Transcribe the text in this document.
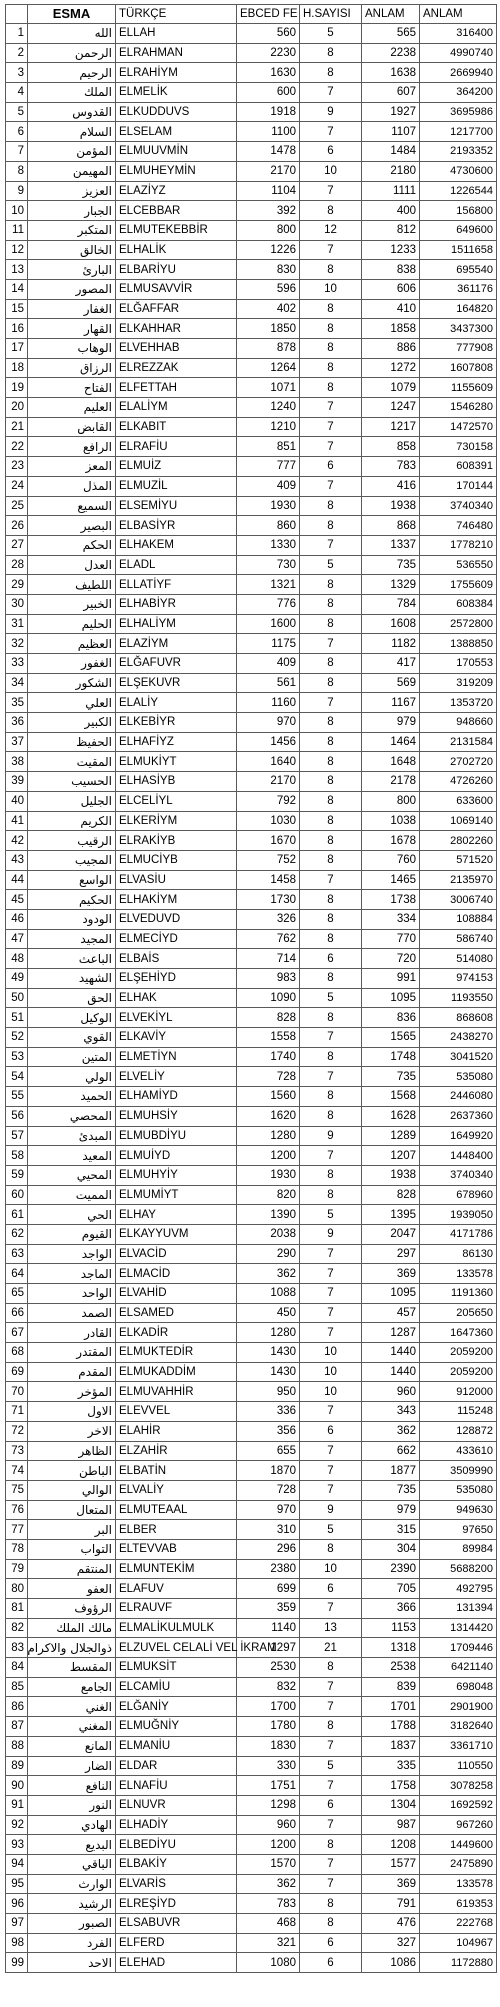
	ESMA	TÜRKÇE	EBCED FE	H.SAYISI	ANLAM	ANLAM
1	الله	ELLAH	560	5	565	316400
2	الرحمن	ELRAHMAN	2230	8	2238	4990740
3	الرحيم	ELRAHİYM	1630	8	1638	2669940
4	الملك	ELMELİK	600	7	607	364200
5	القدوس	ELKUDDUVS	1918	9	1927	3695986
6	السلام	ELSELAM	1100	7	1107	1217700
7	المؤمن	ELMUUVMİN	1478	6	1484	2193352
8	المهيمن	ELMUHEYMİN	2170	10	2180	4730600
9	العزيز	ELAZİYZ	1104	7	1111	1226544
10	الجبار	ELCEBBAR	392	8	400	156800
11	المتكبر	ELMUTEKEBBİR	800	12	812	649600
12	الخالق	ELHALİK	1226	7	1233	1511658
13	البارئ	ELBARİYU	830	8	838	695540
14	المصور	ELMUSAVVİR	596	10	606	361176
15	الغفار	ELĞAFFAR	402	8	410	164820
16	القهار	ELKAHHAR	1850	8	1858	3437300
17	الوهاب	ELVEHHAB	878	8	886	777908
18	الرزاق	ELREZZAK	1264	8	1272	1607808
19	الفتاح	ELFETTAH	1071	8	1079	1155609
20	العليم	ELALİYM	1240	7	1247	1546280
21	القابض	ELKABIT	1210	7	1217	1472570
22	الرافع	ELRAFİU	851	7	858	730158
23	المعز	ELMUİZ	777	6	783	608391
24	المذل	ELMUZİL	409	7	416	170144
25	السميع	ELSEMİYU	1930	8	1938	3740340
26	البصير	ELBASİYR	860	8	868	746480
27	الحكم	ELHAKEM	1330	7	1337	1778210
28	العدل	ELADL	730	5	735	536550
29	اللطيف	ELLATİYF	1321	8	1329	1755609
30	الخبير	ELHABİYR	776	8	784	608384
31	الحليم	ELHALİYM	1600	8	1608	2572800
32	العظيم	ELAZİYM	1175	7	1182	1388850
33	الغفور	ELĞAFUVR	409	8	417	170553
34	الشكور	ELŞEKUVR	561	8	569	319209
35	العلي	ELALİY	1160	7	1167	1353720
36	الكبير	ELKEBİYR	970	8	979	948660
37	الحفيظ	ELHAFİYZ	1456	8	1464	2131584
38	المقيت	ELMUKİYT	1640	8	1648	2702720
39	الحسيب	ELHASİYB	2170	8	2178	4726260
40	الجليل	ELCELİYL	792	8	800	633600
41	الكريم	ELKERİYM	1030	8	1038	1069140
42	الرقيب	ELRAKİYB	1670	8	1678	2802260
43	المجيب	ELMUCİYB	752	8	760	571520
44	الواسع	ELVASİU	1458	7	1465	2135970
45	الحكيم	ELHAKİYM	1730	8	1738	3006740
46	الودود	ELVEDUVD	326	8	334	108884
47	المجيد	ELMECİYD	762	8	770	586740
48	الباعث	ELBAİS	714	6	720	514080
49	الشهيد	ELŞEHİYD	983	8	991	974153
50	الحق	ELHAK	1090	5	1095	1193550
51	الوكيل	ELVEKİYL	828	8	836	868608
52	القوي	ELKAVİY	1558	7	1565	2438270
53	المتين	ELMETİYN	1740	8	1748	3041520
54	الولي	ELVELİY	728	7	735	535080
55	الحميد	ELHAMİYD	1560	8	1568	2446080
56	المحصي	ELMUHSİY	1620	8	1628	2637360
57	المبدئ	ELMUBDİYU	1280	9	1289	1649920
58	المعيد	ELMUİYD	1200	7	1207	1448400
59	المحيي	ELMUHYİY	1930	8	1938	3740340
60	المميت	ELMUMİYT	820	8	828	678960
61	الحي	ELHAY	1390	5	1395	1939050
62	القيوم	ELKAYYUVM	2038	9	2047	4171786
63	الواجد	ELVACİD	290	7	297	86130
64	الماجد	ELMACİD	362	7	369	133578
65	الواحد	ELVAHİD	1088	7	1095	1191360
66	الصمد	ELSAMED	450	7	457	205650
67	القادر	ELKADİR	1280	7	1287	1647360
68	المقتدر	ELMUKTEDİR	1430	10	1440	2059200
69	المقدم	ELMUKADDİM	1430	10	1440	2059200
70	المؤخر	ELMUVAHHİR	950	10	960	912000
71	الاول	ELEVVEL	336	7	343	115248
72	الاخر	ELAHİR	356	6	362	128872
73	الظاهر	ELZAHİR	655	7	662	433610
74	الباطن	ELBATİN	1870	7	1877	3509990
75	الوالي	ELVALİY	728	7	735	535080
76	المتعال	ELMUTEAAL	970	9	979	949630
77	البر	ELBER	310	5	315	97650
78	التواب	ELTEVVAB	296	8	304	89984
79	المنتقم	ELMUNTEKİM	2380	10	2390	5688200
80	العفو	ELAFUV	699	6	705	492795
81	الرؤوف	ELRAUVF	359	7	366	131394
82	مالك الملك	ELMALİKULMULK	1140	13	1153	1314420
83	ذوالجلال والاكرام	ELZUVEL CELALİ VEL İKRAM	1297	21	1318	1709446
84	المقسط	ELMUKSİT	2530	8	2538	6421140
85	الجامع	ELCAMİU	832	7	839	698048
86	الغني	ELĞANİY	1700	7	1701	2901900
87	المغني	ELMUĞNİY	1780	8	1788	3182640
88	المانع	ELMANİU	1830	7	1837	3361710
89	الضار	ELDAR	330	5	335	110550
90	النافع	ELNAFİU	1751	7	1758	3078258
91	النور	ELNUVR	1298	6	1304	1692592
92	الهادي	ELHADİY	960	7	987	967260
93	البديع	ELBEDİYU	1200	8	1208	1449600
94	الباقي	ELBAKİY	1570	7	1577	2475890
95	الوارث	ELVARİS	362	7	369	133578
96	الرشيد	ELREŞİYD	783	8	791	619353
97	الصبور	ELSABUVR	468	8	476	222768
98	الفرد	ELFERD	321	6	327	104967
99	الاحد	ELEHAD	1080	6	1086	1172880
